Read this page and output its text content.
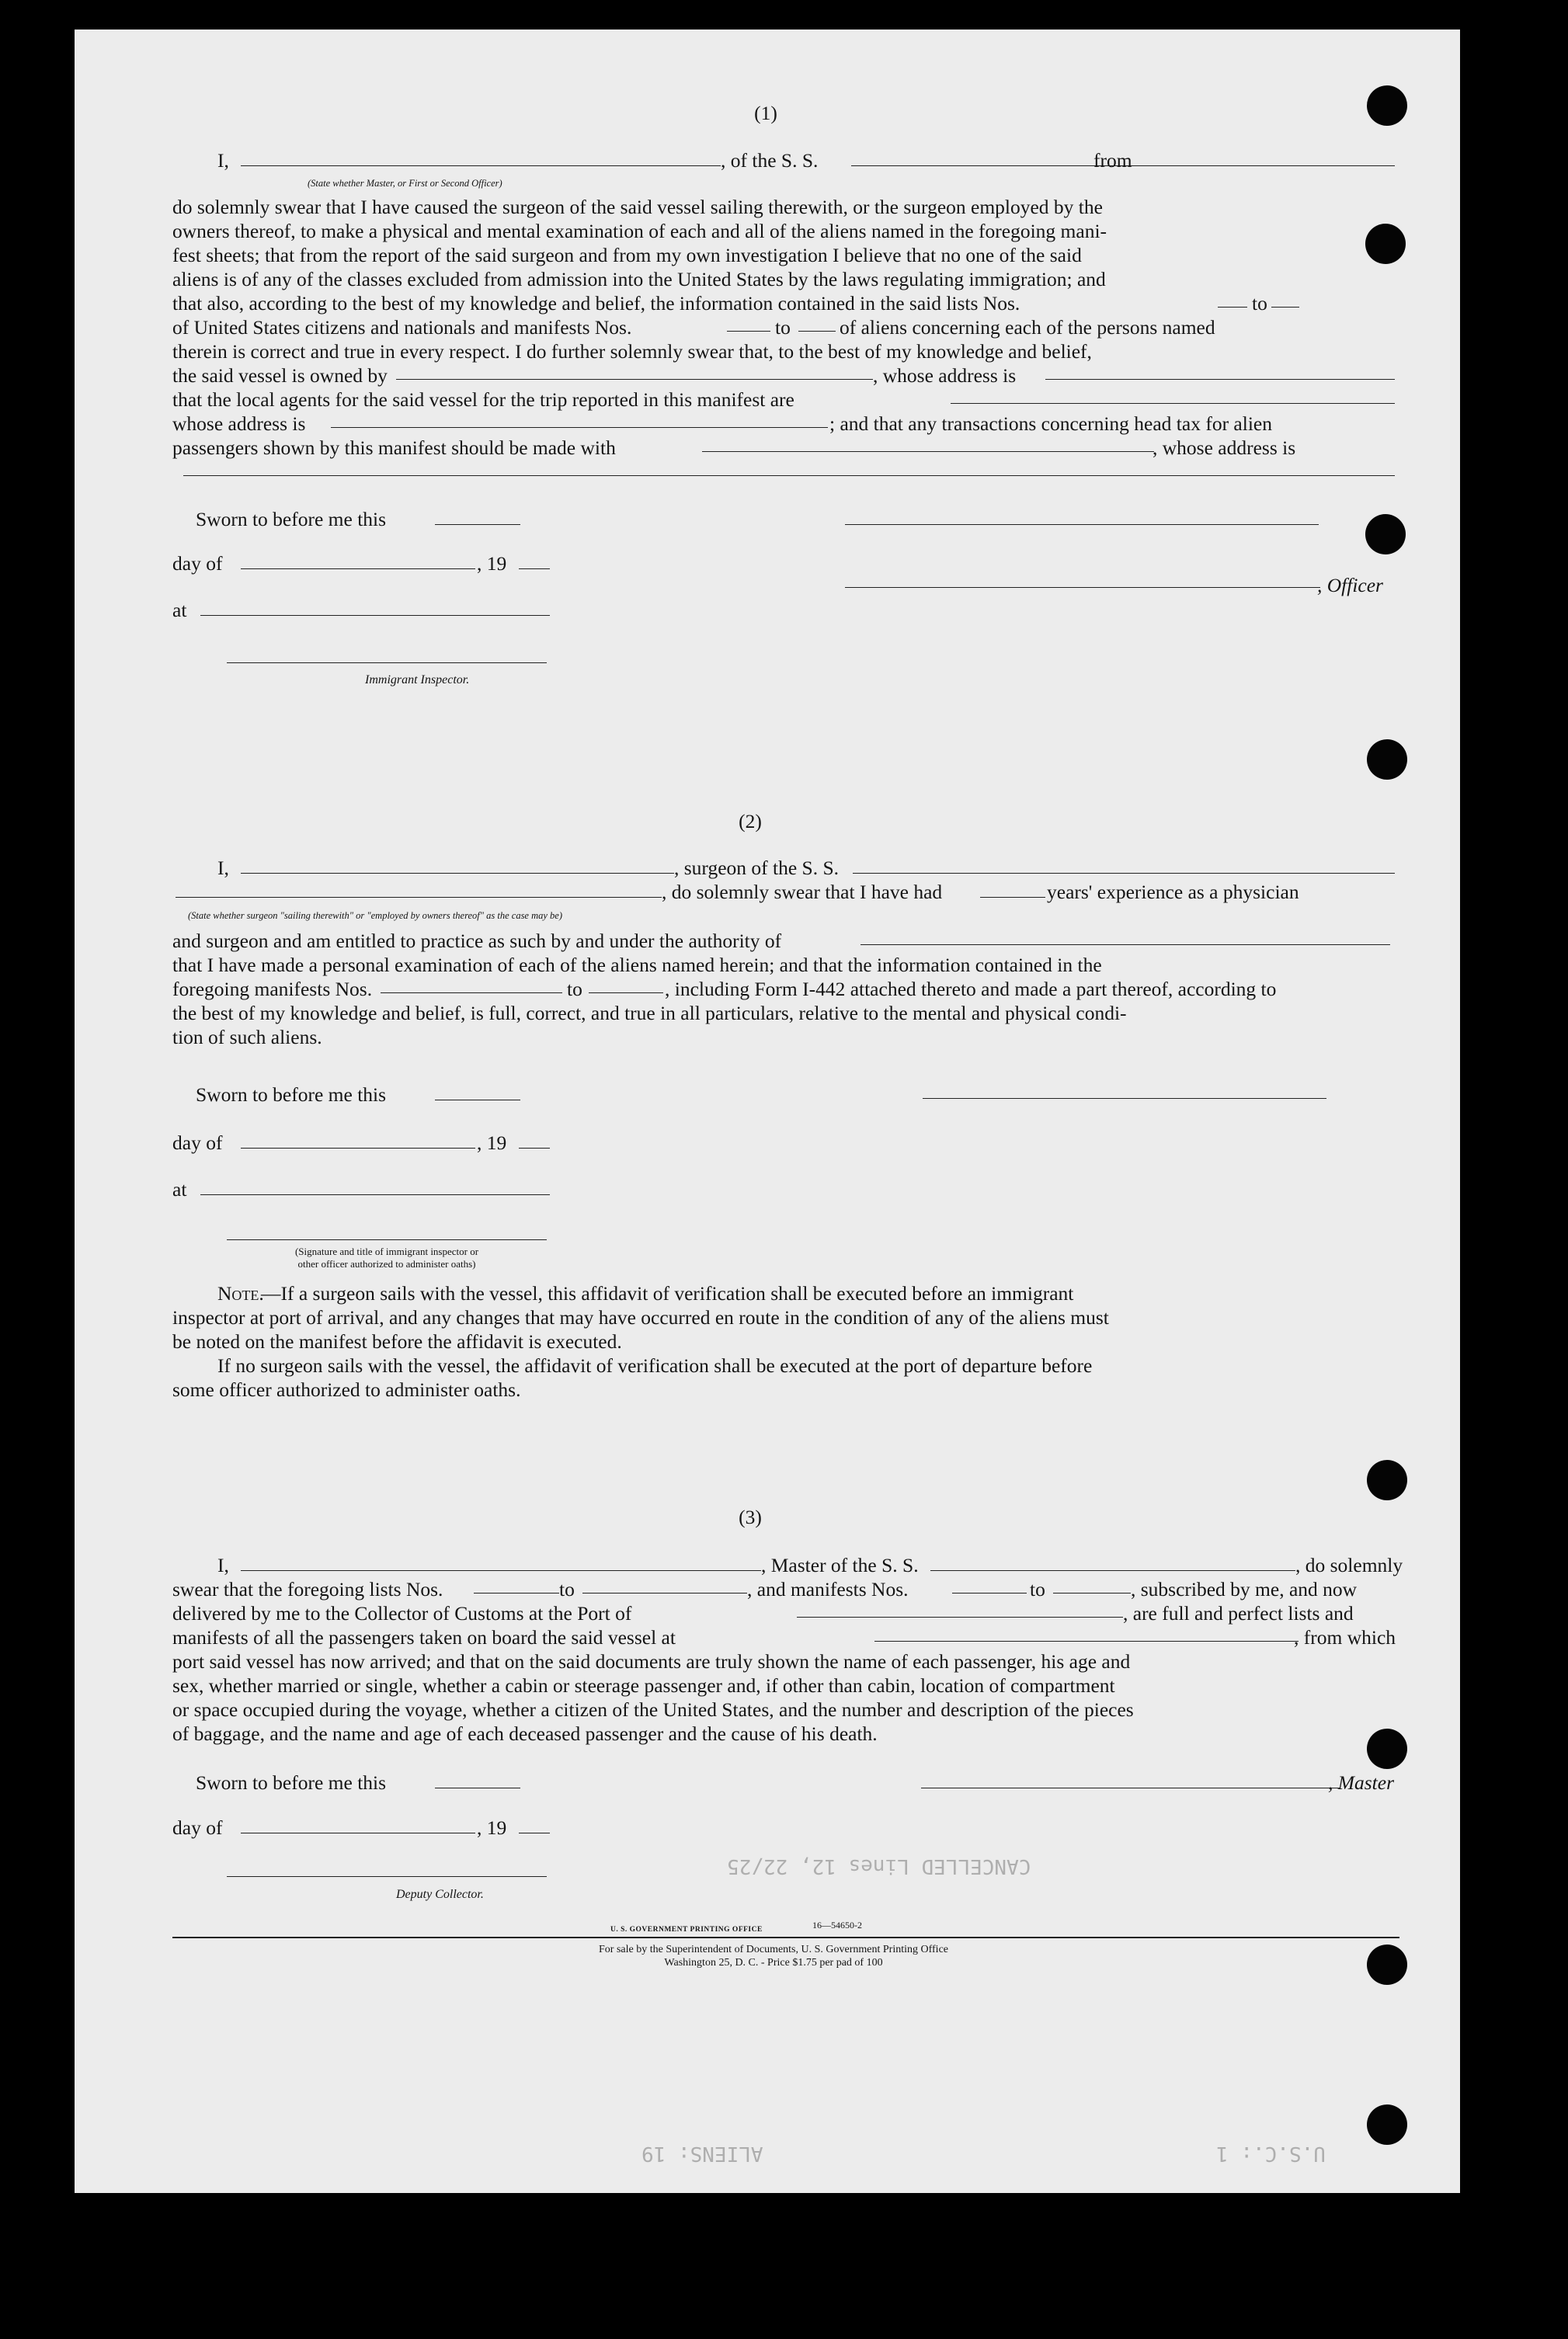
CANCELLED Lines 12, 22/25
ALIENS: 19	U.S.C.: 1
(1)
I,	, of the S. S.	from
(State whether Master, or First or Second Officer)
do solemnly swear that I have caused the surgeon of the said vessel sailing therewith, or the surgeon employed by the
owners thereof, to make a physical and mental examination of each and all of the aliens named in the foregoing mani-
fest sheets; that from the report of the said surgeon and from my own investigation I believe that no one of the said
aliens is of any of the classes excluded from admission into the United States by the laws regulating immigration; and
that also, according to the best of my knowledge and belief, the information contained in the said lists Nos.	to
of United States citizens and nationals and manifests Nos.	to of aliens concerning each of the persons named
therein is correct and true in every respect. I do further solemnly swear that, to the best of my knowledge and belief,
the said vessel is owned by	, whose address is
that the local agents for the said vessel for the trip reported in this manifest are
whose address is	; and that any transactions concerning head tax for alien
passengers shown by this manifest should be made with	, whose address is
Sworn to before me this
day of	, 19
, Officer
at
Immigrant Inspector.
(2)
I,	, surgeon of the S. S.
, do solemnly swear that I have had	years' experience as a physician
(State whether surgeon "sailing therewith" or "employed by owners thereof" as the case may be)
and surgeon and am entitled to practice as such by and under the authority of
that I have made a personal examination of each of the aliens named herein; and that the information contained in the
foregoing manifests Nos.	to	, including Form I-442 attached thereto and made a part thereof, according to
the best of my knowledge and belief, is full, correct, and true in all particulars, relative to the mental and physical condi-
tion of such aliens.
Sworn to before me this
day of	, 19
at
(Signature and title of immigrant inspector or
other officer authorized to administer oaths)
Note.
—If a surgeon sails with the vessel, this affidavit of verification shall be executed before an immigrant
inspector at port of arrival, and any changes that may have occurred en route in the condition of any of the aliens must
be noted on the manifest before the affidavit is executed.
If no surgeon sails with the vessel, the affidavit of verification shall be executed at the port of departure before
some officer authorized to administer oaths.
(3)
I,	, Master of the S. S.	, do solemnly
swear that the foregoing lists Nos.	to	, and manifests Nos.	to	, subscribed by me, and now
delivered by me to the Collector of Customs at the Port of	, are full and perfect lists and
manifests of all the passengers taken on board the said vessel at	, from which
port said vessel has now arrived; and that on the said documents are truly shown the name of each passenger, his age and
sex, whether married or single, whether a cabin or steerage passenger and, if other than cabin, location of compartment
or space occupied during the voyage, whether a citizen of the United States, and the number and description of the pieces
of baggage, and the name and age of each deceased passenger and the cause of his death.
Sworn to before me this	, Master
day of	, 19
Deputy Collector.
U. S. GOVERNMENT PRINTING OFFICE	16—54650-2
For sale by the Superintendent of Documents, U. S. Government Printing Office
Washington 25, D. C. - Price $1.75 per pad of 100
